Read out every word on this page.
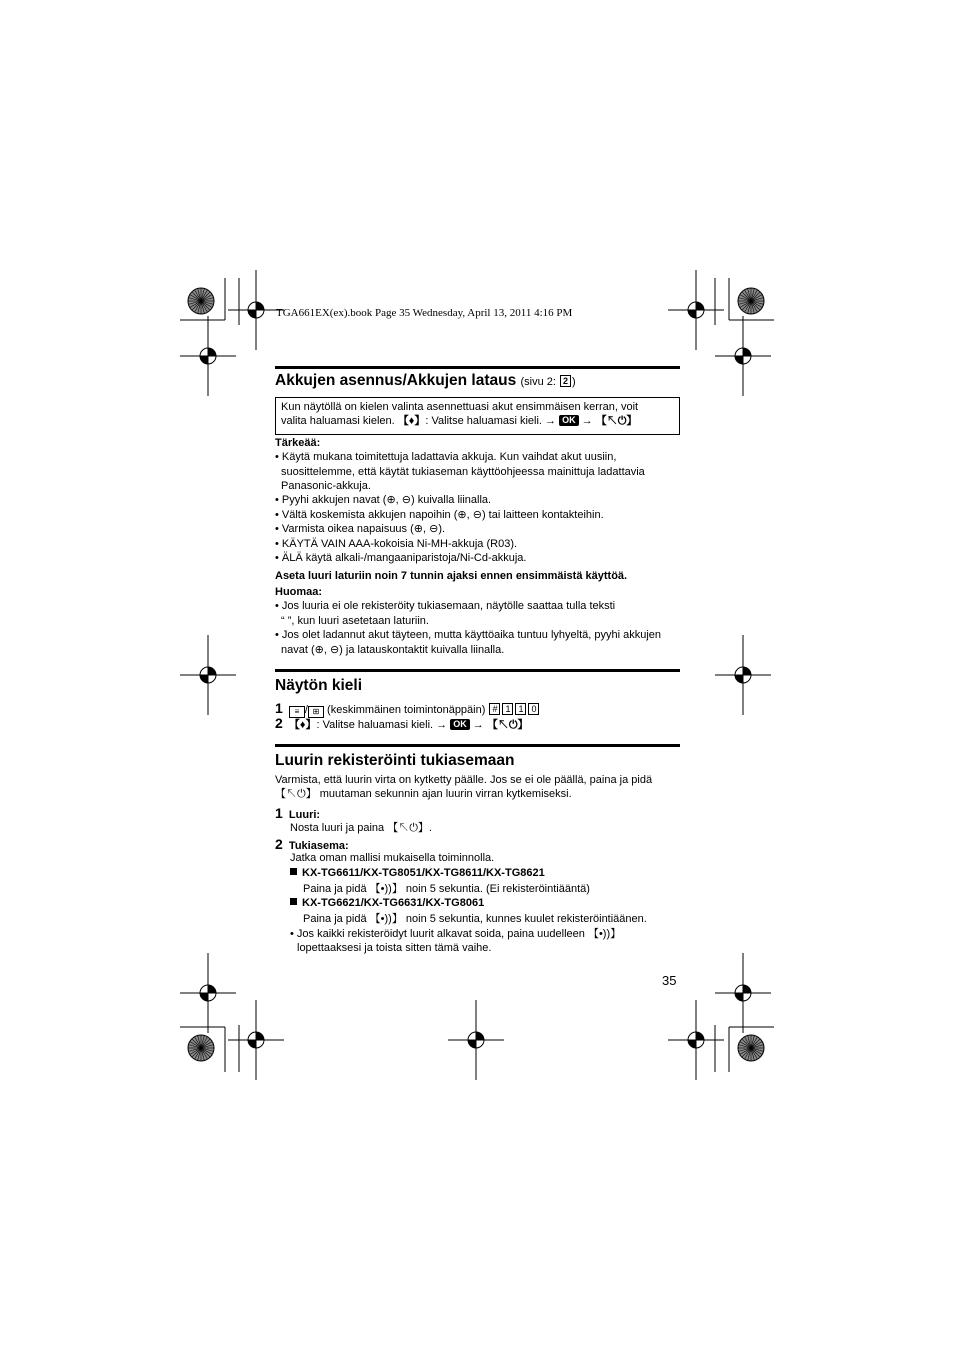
TGA661EX(ex).book Page 35 Wednesday, April 13, 2011 4:16 PM
Akkujen asennus/Akkujen lataus (sivu 2: 2 )
Kun näytöllä on kielen valinta asennettuasi akut ensimmäisen kerran, voit
valita haluamasi kielen. 【♦】: Valitse haluamasi kieli. → OK → 【↖⏻】
Tärkeää:
• Käytä mukana toimitettuja ladattavia akkuja. Kun vaihdat akut uusiin,
suosittelemme, että käytät tukiaseman käyttöohjeessa mainittuja ladattavia
Panasonic-akkuja.
• Pyyhi akkujen navat (⊕, ⊖) kuivalla liinalla.
• Vältä koskemista akkujen napoihin (⊕, ⊖) tai laitteen kontakteihin.
• Varmista oikea napaisuus (⊕, ⊖).
• KÄYTÄ VAIN AAA-kokoisia Ni-MH-akkuja (R03).
• ÄLÄ käytä alkali-/mangaaniparistoja/Ni-Cd-akkuja.
Aseta luuri laturiin noin 7 tunnin ajaksi ennen ensimmäistä käyttöä.
Huomaa:
• Jos luuria ei ole rekisteröity tukiasemaan, näytölle saattaa tulla teksti
“ ”, kun luuri asetetaan laturiin.
• Jos olet ladannut akut täyteen, mutta käyttöaika tuntuu lyhyeltä, pyyhi akkujen
navat (⊕, ⊖) ja latauskontaktit kuivalla liinalla.
Näytön kieli
1 ≡ / ⊞ (keskimmäinen toimintonäppäin) # 1 1 0
2 【♦】: Valitse haluamasi kieli. → OK → 【↖⏻】
Luurin rekisteröinti tukiasemaan
Varmista, että luurin virta on kytketty päälle. Jos se ei ole päällä, paina ja pidä
【↖⏻】 muutaman sekunnin ajan luurin virran kytkemiseksi.
1 Luuri:
Nosta luuri ja paina 【↖⏻】.
2 Tukiasema:
Jatka oman mallisi mukaisella toiminnolla.
KX-TG6611/KX-TG8051/KX-TG8611/KX-TG8621
Paina ja pidä 【•))】 noin 5 sekuntia. (Ei rekisteröintiääntä)
KX-TG6621/KX-TG6631/KX-TG8061
Paina ja pidä 【•))】 noin 5 sekuntia, kunnes kuulet rekisteröintiäänen.
• Jos kaikki rekisteröidyt luurit alkavat soida, paina uudelleen 【•))】
lopettaaksesi ja toista sitten tämä vaihe.
35
